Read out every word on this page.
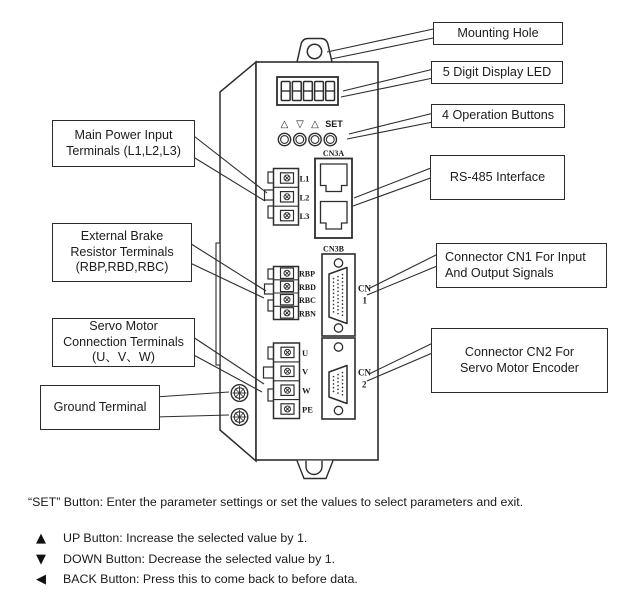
△ ▽ △ SET
CN3A
CN3B
CN
1
CN
2
L1
L2
L3
RBP
RBD
RBC
RBN
U
V
W
PE
Main Power Input
Terminals (L1,L2,L3)
External Brake
Resistor Terminals
(RBP,RBD,RBC)
Servo Motor
Connection Terminals
(U、V、W)
Ground Terminal
Mounting Hole
5 Digit Display LED
4 Operation Buttons
RS-485 Interface
Connector CN1 For Input
And Output Signals
Connector CN2 For
Servo Motor Encoder
“SET” Button: Enter the parameter settings or set the values to select parameters and exit.
▲	UP Button: Increase the selected value by 1.
▼	DOWN Button: Decrease the selected value by 1.
◀	BACK Button: Press this to come back to before data.
